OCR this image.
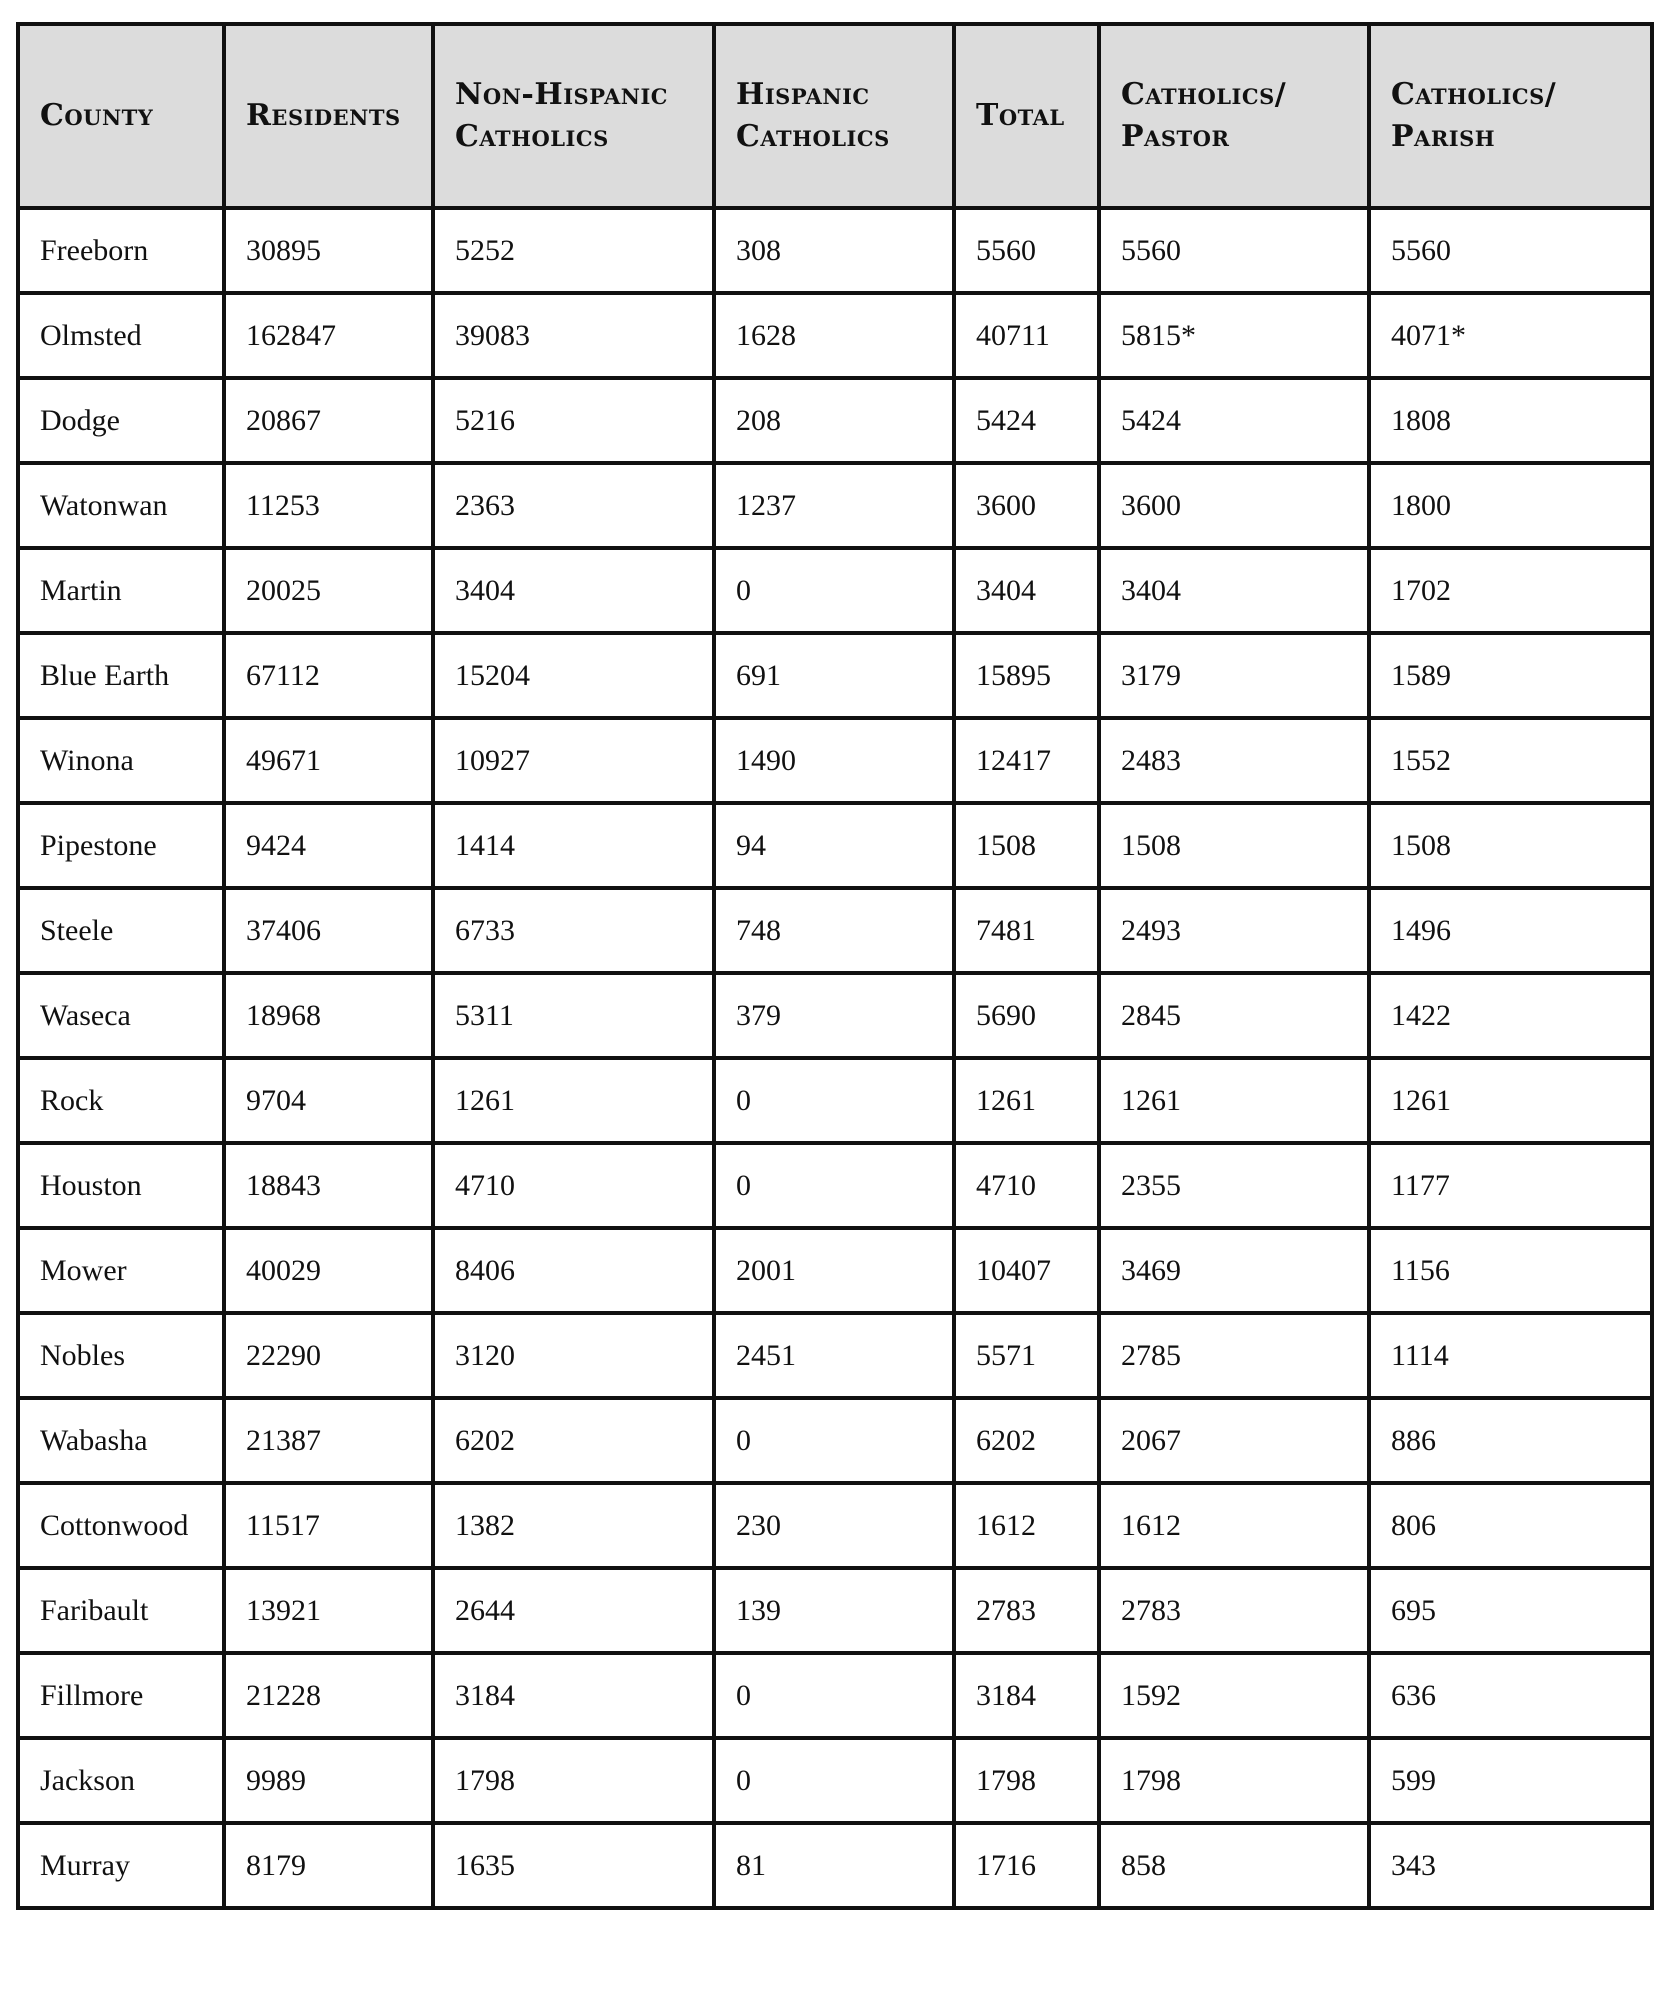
County	Residents	Non-Hispanic Catholics	Hispanic Catholics	Total	Catholics/ Pastor	Catholics/ Parish

Freeborn	30895	5252	308	5560	5560	5560
Olmsted	162847	39083	1628	40711	5815*	4071*
Dodge	20867	5216	208	5424	5424	1808
Watonwan	11253	2363	1237	3600	3600	1800
Martin	20025	3404	0	3404	3404	1702
Blue Earth	67112	15204	691	15895	3179	1589
Winona	49671	10927	1490	12417	2483	1552
Pipestone	9424	1414	94	1508	1508	1508
Steele	37406	6733	748	7481	2493	1496
Waseca	18968	5311	379	5690	2845	1422
Rock	9704	1261	0	1261	1261	1261
Houston	18843	4710	0	4710	2355	1177
Mower	40029	8406	2001	10407	3469	1156
Nobles	22290	3120	2451	5571	2785	1114
Wabasha	21387	6202	0	6202	2067	886
Cottonwood	11517	1382	230	1612	1612	806
Faribault	13921	2644	139	2783	2783	695
Fillmore	21228	3184	0	3184	1592	636
Jackson	9989	1798	0	1798	1798	599
Murray	8179	1635	81	1716	858	343
